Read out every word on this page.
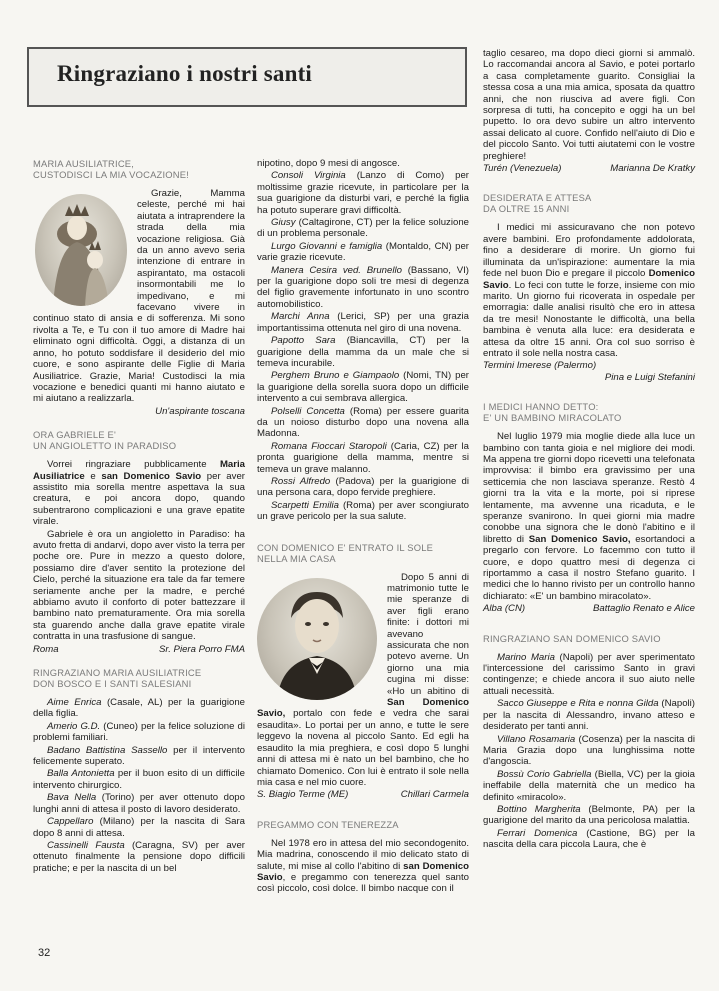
Ringraziano i nostri santi
MARIA AUSILIATRICE,
CUSTODISCI LA MIA VOCAZIONE!

Grazie, Mamma celeste, perché mi hai aiutata a intraprendere la strada della mia vocazione religiosa. Già da un anno avevo seria intenzione di entrare in aspirantato, ma ostacoli insormontabili me lo impedivano, e mi facevano vivere in continuo stato di ansia e di sofferenza. Mi sono rivolta a Te, e Tu con il tuo amore di Madre hai eliminato ogni difficoltà. Oggi, a distanza di un anno, ho potuto soddisfare il desiderio del mio cuore, e sono aspirante delle Figlie di Maria Ausiliatrice. Grazie, Maria! Custodisci la mia vocazione e benedici quanti mi hanno aiutato e mi aiutano a realizzarla.

Un'aspirante toscana
ORA GABRIELE E'
UN ANGIOLETTO IN PARADISO

Vorrei ringraziare pubblicamente Maria Ausiliatrice e san Domenico Savio per aver assistito mia sorella mentre aspettava la sua creatura, e poi ancora dopo, quando subentrarono complicazioni e una grave epatite virale.

Gabriele è ora un angioletto in Paradiso: ha avuto fretta di andarvi, dopo aver visto la terra per poche ore. Pure in mezzo a questo dolore, possiamo dire d'aver sentito la protezione del Cielo, perché la situazione era tale da far temere seriamente anche per la madre, e perché abbiamo avuto il conforto di poter battezzare il bambino nato prematuramente. Ora mia sorella sta guarendo anche dalla grave epatite virale contratta in una trasfusione di sangue.

Roma	Sr. Piera Porro FMA
RINGRAZIANO MARIA AUSILIATRICE
DON BOSCO E I SANTI SALESIANI

Aime Enrica (Casale, AL) per la guarigione della figlia.

Amerio G.D. (Cuneo) per la felice soluzione di problemi familiari.

Badano Battistina Sassello per il intervento felicemente superato.

Balla Antonietta per il buon esito di un difficile intervento chirurgico.

Bava Nella (Torino) per aver ottenuto dopo lunghi anni di attesa il posto di lavoro desiderato.

Cappellaro (Milano) per la nascita di Sara dopo 8 anni di attesa.

Cassinelli Fausta (Caragna, SV) per aver ottenuto finalmente la pensione dopo difficili pratiche; e per la nascita di un bel

nipotino, dopo 9 mesi di angosce.

Consoli Virginia (Lanzo di Como) per moltissime grazie ricevute, in particolare per la sua guarigione da disturbi vari, e perché la figlia ha potuto superare gravi difficoltà.

Giusy (Caltagirone, CT) per la felice soluzione di un problema personale.

Lurgo Giovanni e famiglia (Montaldo, CN) per varie grazie ricevute.

Manera Cesira ved. Brunello (Bassano, VI) per la guarigione dopo soli tre mesi di degenza del figlio gravemente infortunato in uno scontro automobilistico.

Marchi Anna (Lerici, SP) per una grazia importantissima ottenuta nel giro di una novena.

Papotto Sara (Biancavilla, CT) per la guarigione della mamma da un male che si temeva incurabile.

Perghem Bruno e Giampaolo (Nomi, TN) per la guarigione della sorella suora dopo un difficile intervento a cui sembrava allergica.

Polselli Concetta (Roma) per essere guarita da un noioso disturbo dopo una novena alla Madonna.

Romana Fioccari Staropoli (Caria, CZ) per la pronta guarigione della mamma, mentre si temeva un grave malanno.

Rossi Alfredo (Padova) per la guarigione di una persona cara, dopo fervide preghiere.

Scarpetti Emilia (Roma) per aver scongiurato un grave pericolo per la sua salute.

CON DOMENICO E' ENTRATO IL SOLE
NELLA MIA CASA

Dopo 5 anni di matrimonio tutte le mie speranze di aver figli erano finite: i dottori mi avevano assicurata che non potevo averne. Un giorno una mia cugina mi disse: «Ho un abitino di San Domenico Savio, portalo con fede e vedra che sarai esaudita». Lo portai per un anno, e tutte le sere leggevo la novena al piccolo Santo. Ed egli ha esaudito la mia preghiera, e così dopo 5 lunghi anni di attesa mi è nato un bel bambino, che ho chiamato Domenico. Con lui è entrato il sole nella mia casa e nel mio cuore.

S. Biagio Terme (ME)	Chillari Carmela
PREGAMMO CON TENEREZZA

Nel 1978 ero in attesa del mio secondogenito. Mia madrina, conoscendo il mio delicato stato di salute, mi mise al collo l'abitino di san Domenico Savio, e pregammo con tenerezza quel santo così piccolo, così dolce. Il bimbo nacque con il

taglio cesareo, ma dopo dieci giorni si ammalò. Lo raccomandai ancora al Savio, e potei portarlo a casa completamente guarito. Consigliai la stessa cosa a una mia amica, sposata da quattro anni, che non riusciva ad avere figli. Con sorpresa di tutti, ha concepito e oggi ha un bel pupetto. Io ora devo subire un altro intervento assai delicato al cuore. Confido nell'aiuto di Dio e del piccolo Santo. Voi tutti aiutatemi con le vostre preghiere!

Turén (Venezuela)	Marianna De Kratky
DESIDERATA E ATTESA
DA OLTRE 15 ANNI

I medici mi assicuravano che non potevo avere bambini. Ero profondamente addolorata, fino a desiderare di morire. Un giorno fui illuminata da un'ispirazione: aumentare la mia fede nel buon Dio e pregare il piccolo Domenico Savio. Lo feci con tutte le forze, insieme con mio marito. Un giorno fui ricoverata in ospedale per emorragia: dalle analisi risultò che ero in attesa da tre mesi! Nonostante le difficoltà, una bella bambina è venuta alla luce: era desiderata e attesa da oltre 15 anni. Ora col suo sorriso è entrato il sole nella nostra casa.

Termini Imerese (Palermo)
Pina e Luigi Stefanini
I MEDICI HANNO DETTO:
E' UN BAMBINO MIRACOLATO

Nel luglio 1979 mia moglie diede alla luce un bambino con tanta gioia e nel migliore dei modi. Ma appena tre giorni dopo ricevetti una telefonata improvvisa: il bimbo era gravissimo per una setticemia che non lasciava speranze. Restò 4 giorni tra la vita e la morte, poi si riprese lentamente, ma avvenne una ricaduta, e le speranze svanirono. In quei giorni mia madre conobbe una signora che le donò l'abitino e il libretto di San Domenico Savio, esortandoci a pregarlo con fervore. Lo facemmo con tutto il cuore, e dopo quattro mesi di degenza ci riportammo a casa il nostro Stefano guarito. I medici che lo hanno rivisto per un controllo hanno dichiarato: «E' un bambino miracolato».

Alba (CN)	Battaglio Renato e Alice
RINGRAZIANO SAN DOMENICO SAVIO

Marino Maria (Napoli) per aver sperimentato l'intercessione del carissimo Santo in gravi contingenze; e chiede ancora il suo aiuto nelle attuali necessità.

Sacco Giuseppe e Rita e nonna Gilda (Napoli) per la nascita di Alessandro, invano atteso e desiderato per tanti anni.

Villano Rosamaria (Cosenza) per la nascita di Maria Grazia dopo una lunghissima notte d'angoscia.

Bossù Corio Gabriella (Biella, VC) per la gioia ineffabile della maternità che un medico ha definito «miracolo».

Bottino Margherita (Belmonte, PA) per la guarigione del marito da una pericolosa malattia.

Ferrari Domenica (Castione, BG) per la nascita della cara piccola Laura, che è

32
